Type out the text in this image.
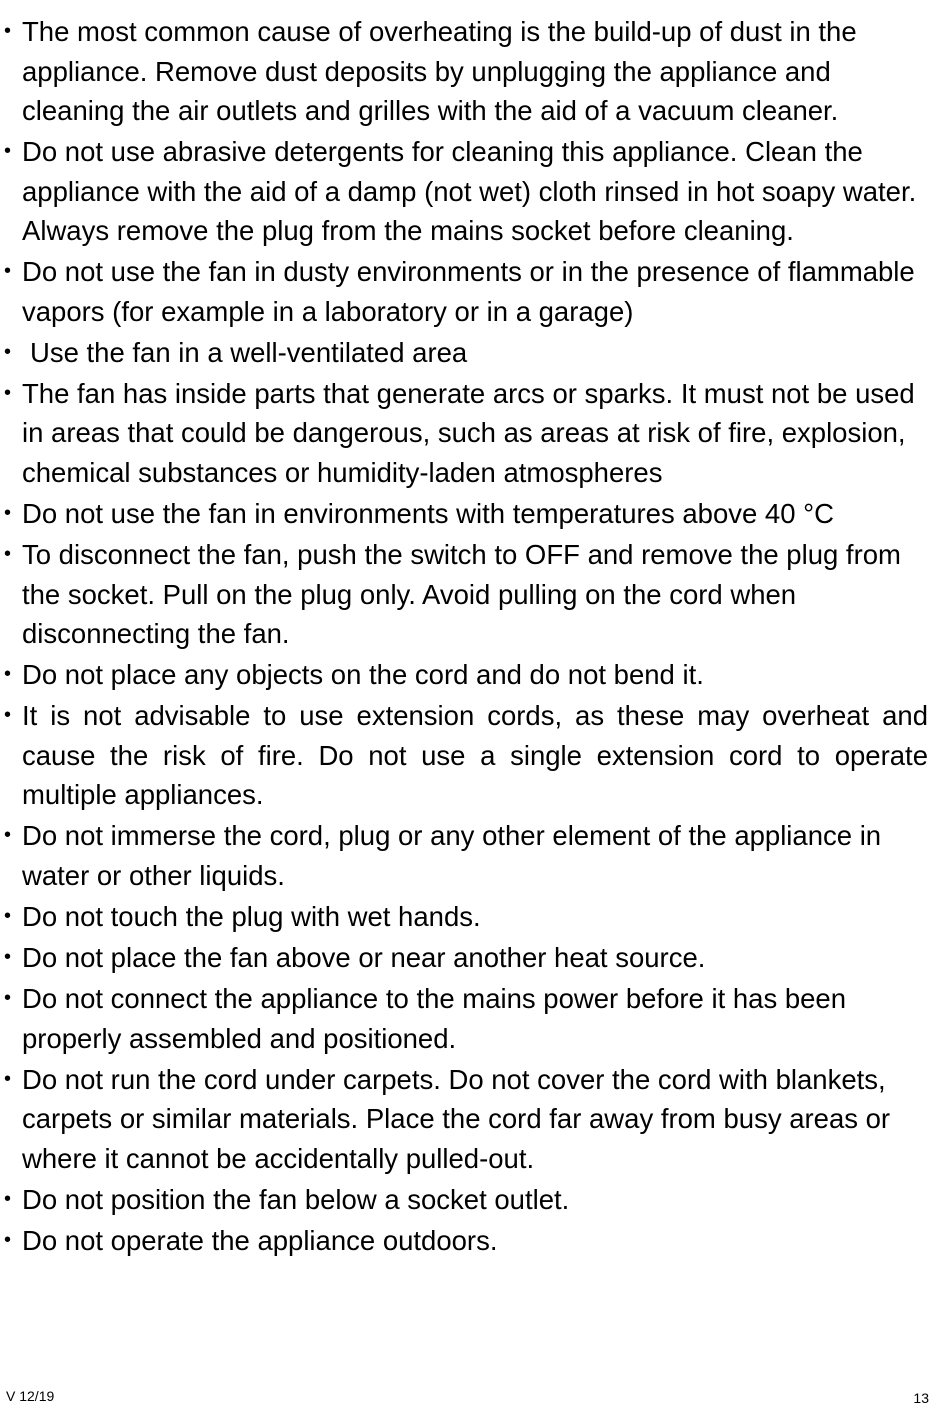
• The most common cause of overheating is the build-up of dust in the appliance. Remove dust deposits by unplugging the appliance and cleaning the air outlets and grilles with the aid of a vacuum cleaner.
• Do not use abrasive detergents for cleaning this appliance. Clean the appliance with the aid of a damp (not wet) cloth rinsed in hot soapy water. Always remove the plug from the mains socket before cleaning.
• Do not use the fan in dusty environments or in the presence of flammable vapors (for example in a laboratory or in a garage)
• Use the fan in a well-ventilated area
• The fan has inside parts that generate arcs or sparks. It must not be used in areas that could be dangerous, such as areas at risk of fire, explosion, chemical substances or humidity-laden atmospheres
• Do not use the fan in environments with temperatures above 40 °C
• To disconnect the fan, push the switch to OFF and remove the plug from the socket. Pull on the plug only. Avoid pulling on the cord when disconnecting the fan.
• Do not place any objects on the cord and do not bend it.
• It is not advisable to use extension cords, as these may overheat and cause the risk of fire. Do not use a single extension cord to operate multiple appliances.
• Do not immerse the cord, plug or any other element of the appliance in water or other liquids.
• Do not touch the plug with wet hands.
• Do not place the fan above or near another heat source.
• Do not connect the appliance to the mains power before it has been properly assembled and positioned.
• Do not run the cord under carpets. Do not cover the cord with blankets, carpets or similar materials. Place the cord far away from busy areas or where it cannot be accidentally pulled-out.
• Do not position the fan below a socket outlet.
• Do not operate the appliance outdoors.
V 12/19	13
